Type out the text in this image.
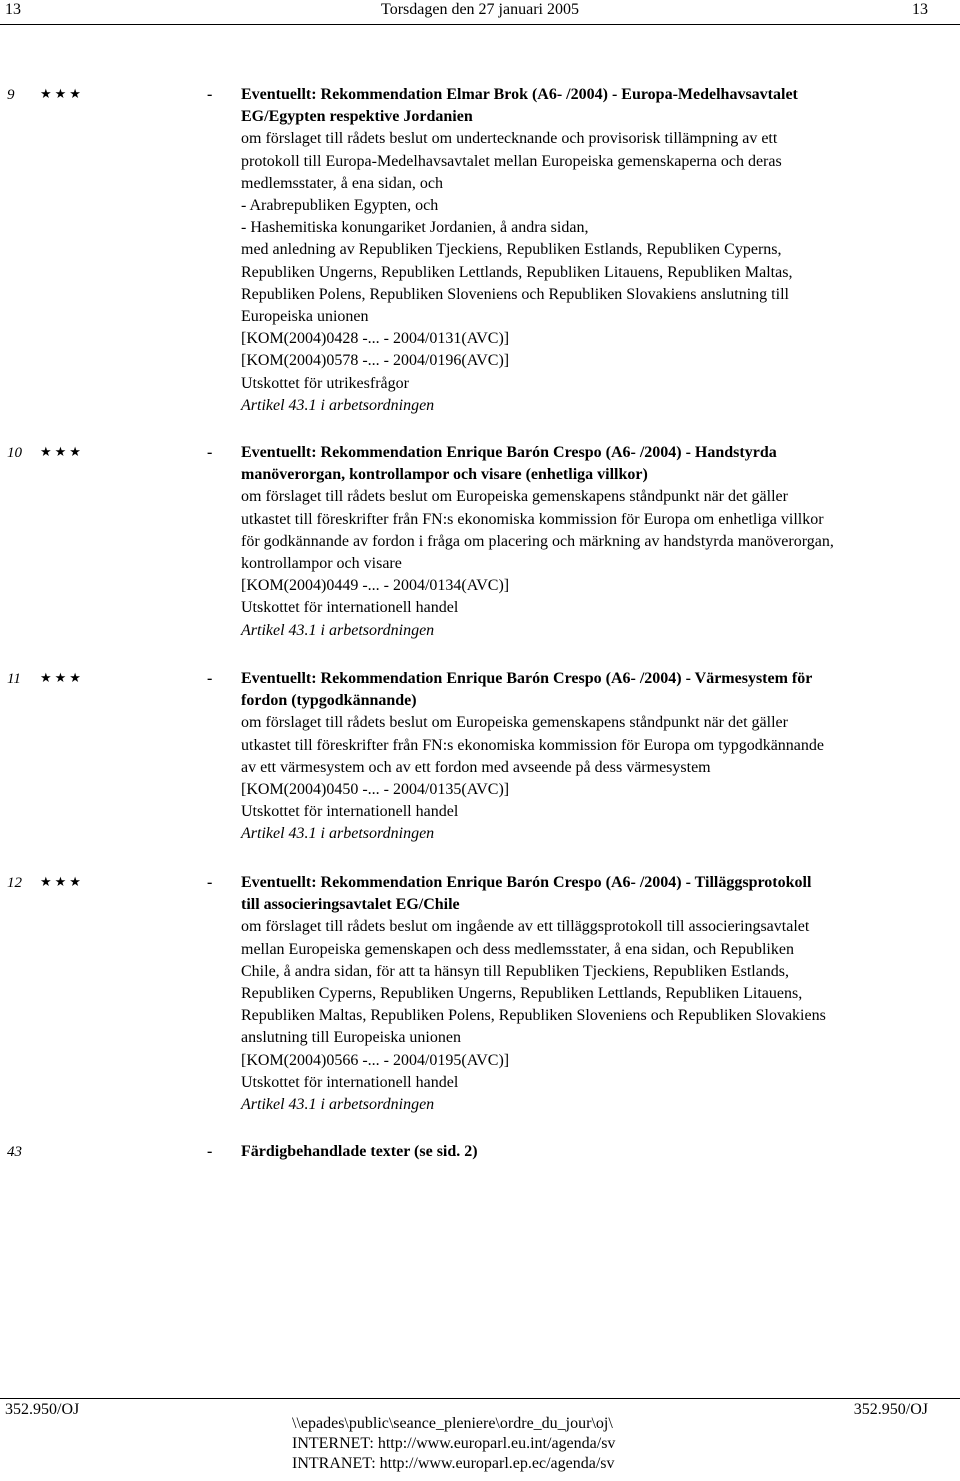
13	Torsdagen den 27 januari 2005	13
9 ★★★	- Eventuellt: Rekommendation Elmar Brok (A6- /2004) - Europa-Medelhavsavtalet
EG/Egypten respektive Jordanien
om förslaget till rådets beslut om undertecknande och provisorisk tillämpning av ett
protokoll till Europa-Medelhavsavtalet mellan Europeiska gemenskaperna och deras
medlemsstater, å ena sidan, och
- Arabrepubliken Egypten, och
- Hashemitiska konungariket Jordanien, å andra sidan,
med anledning av Republiken Tjeckiens, Republiken Estlands, Republiken Cyperns,
Republiken Ungerns, Republiken Lettlands, Republiken Litauens, Republiken Maltas,
Republiken Polens, Republiken Sloveniens och Republiken Slovakiens anslutning till
Europeiska unionen
[KOM(2004)0428 -... - 2004/0131(AVC)]
[KOM(2004)0578 -... - 2004/0196(AVC)]
Utskottet för utrikesfrågor
Artikel 43.1 i arbetsordningen
10 ★★★	- Eventuellt: Rekommendation Enrique Barón Crespo (A6- /2004) - Handstyrda
manöverorgan, kontrollampor och visare (enhetliga villkor)
om förslaget till rådets beslut om Europeiska gemenskapens ståndpunkt när det gäller
utkastet till föreskrifter från FN:s ekonomiska kommission för Europa om enhetliga villkor
för godkännande av fordon i fråga om placering och märkning av handstyrda manöverorgan,
kontrollampor och visare
[KOM(2004)0449 -... - 2004/0134(AVC)]
Utskottet för internationell handel
Artikel 43.1 i arbetsordningen
11 ★★★	- Eventuellt: Rekommendation Enrique Barón Crespo (A6- /2004) - Värmesystem för
fordon (typgodkännande)
om förslaget till rådets beslut om Europeiska gemenskapens ståndpunkt när det gäller
utkastet till föreskrifter från FN:s ekonomiska kommission för Europa om typgodkännande
av ett värmesystem och av ett fordon med avseende på dess värmesystem
[KOM(2004)0450 -... - 2004/0135(AVC)]
Utskottet för internationell handel
Artikel 43.1 i arbetsordningen
12 ★★★	- Eventuellt: Rekommendation Enrique Barón Crespo (A6- /2004) - Tilläggsprotokoll
till associeringsavtalet EG/Chile
om förslaget till rådets beslut om ingående av ett tilläggsprotokoll till associeringsavtalet
mellan Europeiska gemenskapen och dess medlemsstater, å ena sidan, och Republiken
Chile, å andra sidan, för att ta hänsyn till Republiken Tjeckiens, Republiken Estlands,
Republiken Cyperns, Republiken Ungerns, Republiken Lettlands, Republiken Litauens,
Republiken Maltas, Republiken Polens, Republiken Sloveniens och Republiken Slovakiens
anslutning till Europeiska unionen
[KOM(2004)0566 -... - 2004/0195(AVC)]
Utskottet för internationell handel
Artikel 43.1 i arbetsordningen
43	- Färdigbehandlade texter (se sid. 2)
352.950/OJ	352.950/OJ
\\epades\public\seance_pleniere\ordre_du_jour\oj\
INTERNET: http://www.europarl.eu.int/agenda/sv
INTRANET: http://www.europarl.ep.ec/agenda/sv
